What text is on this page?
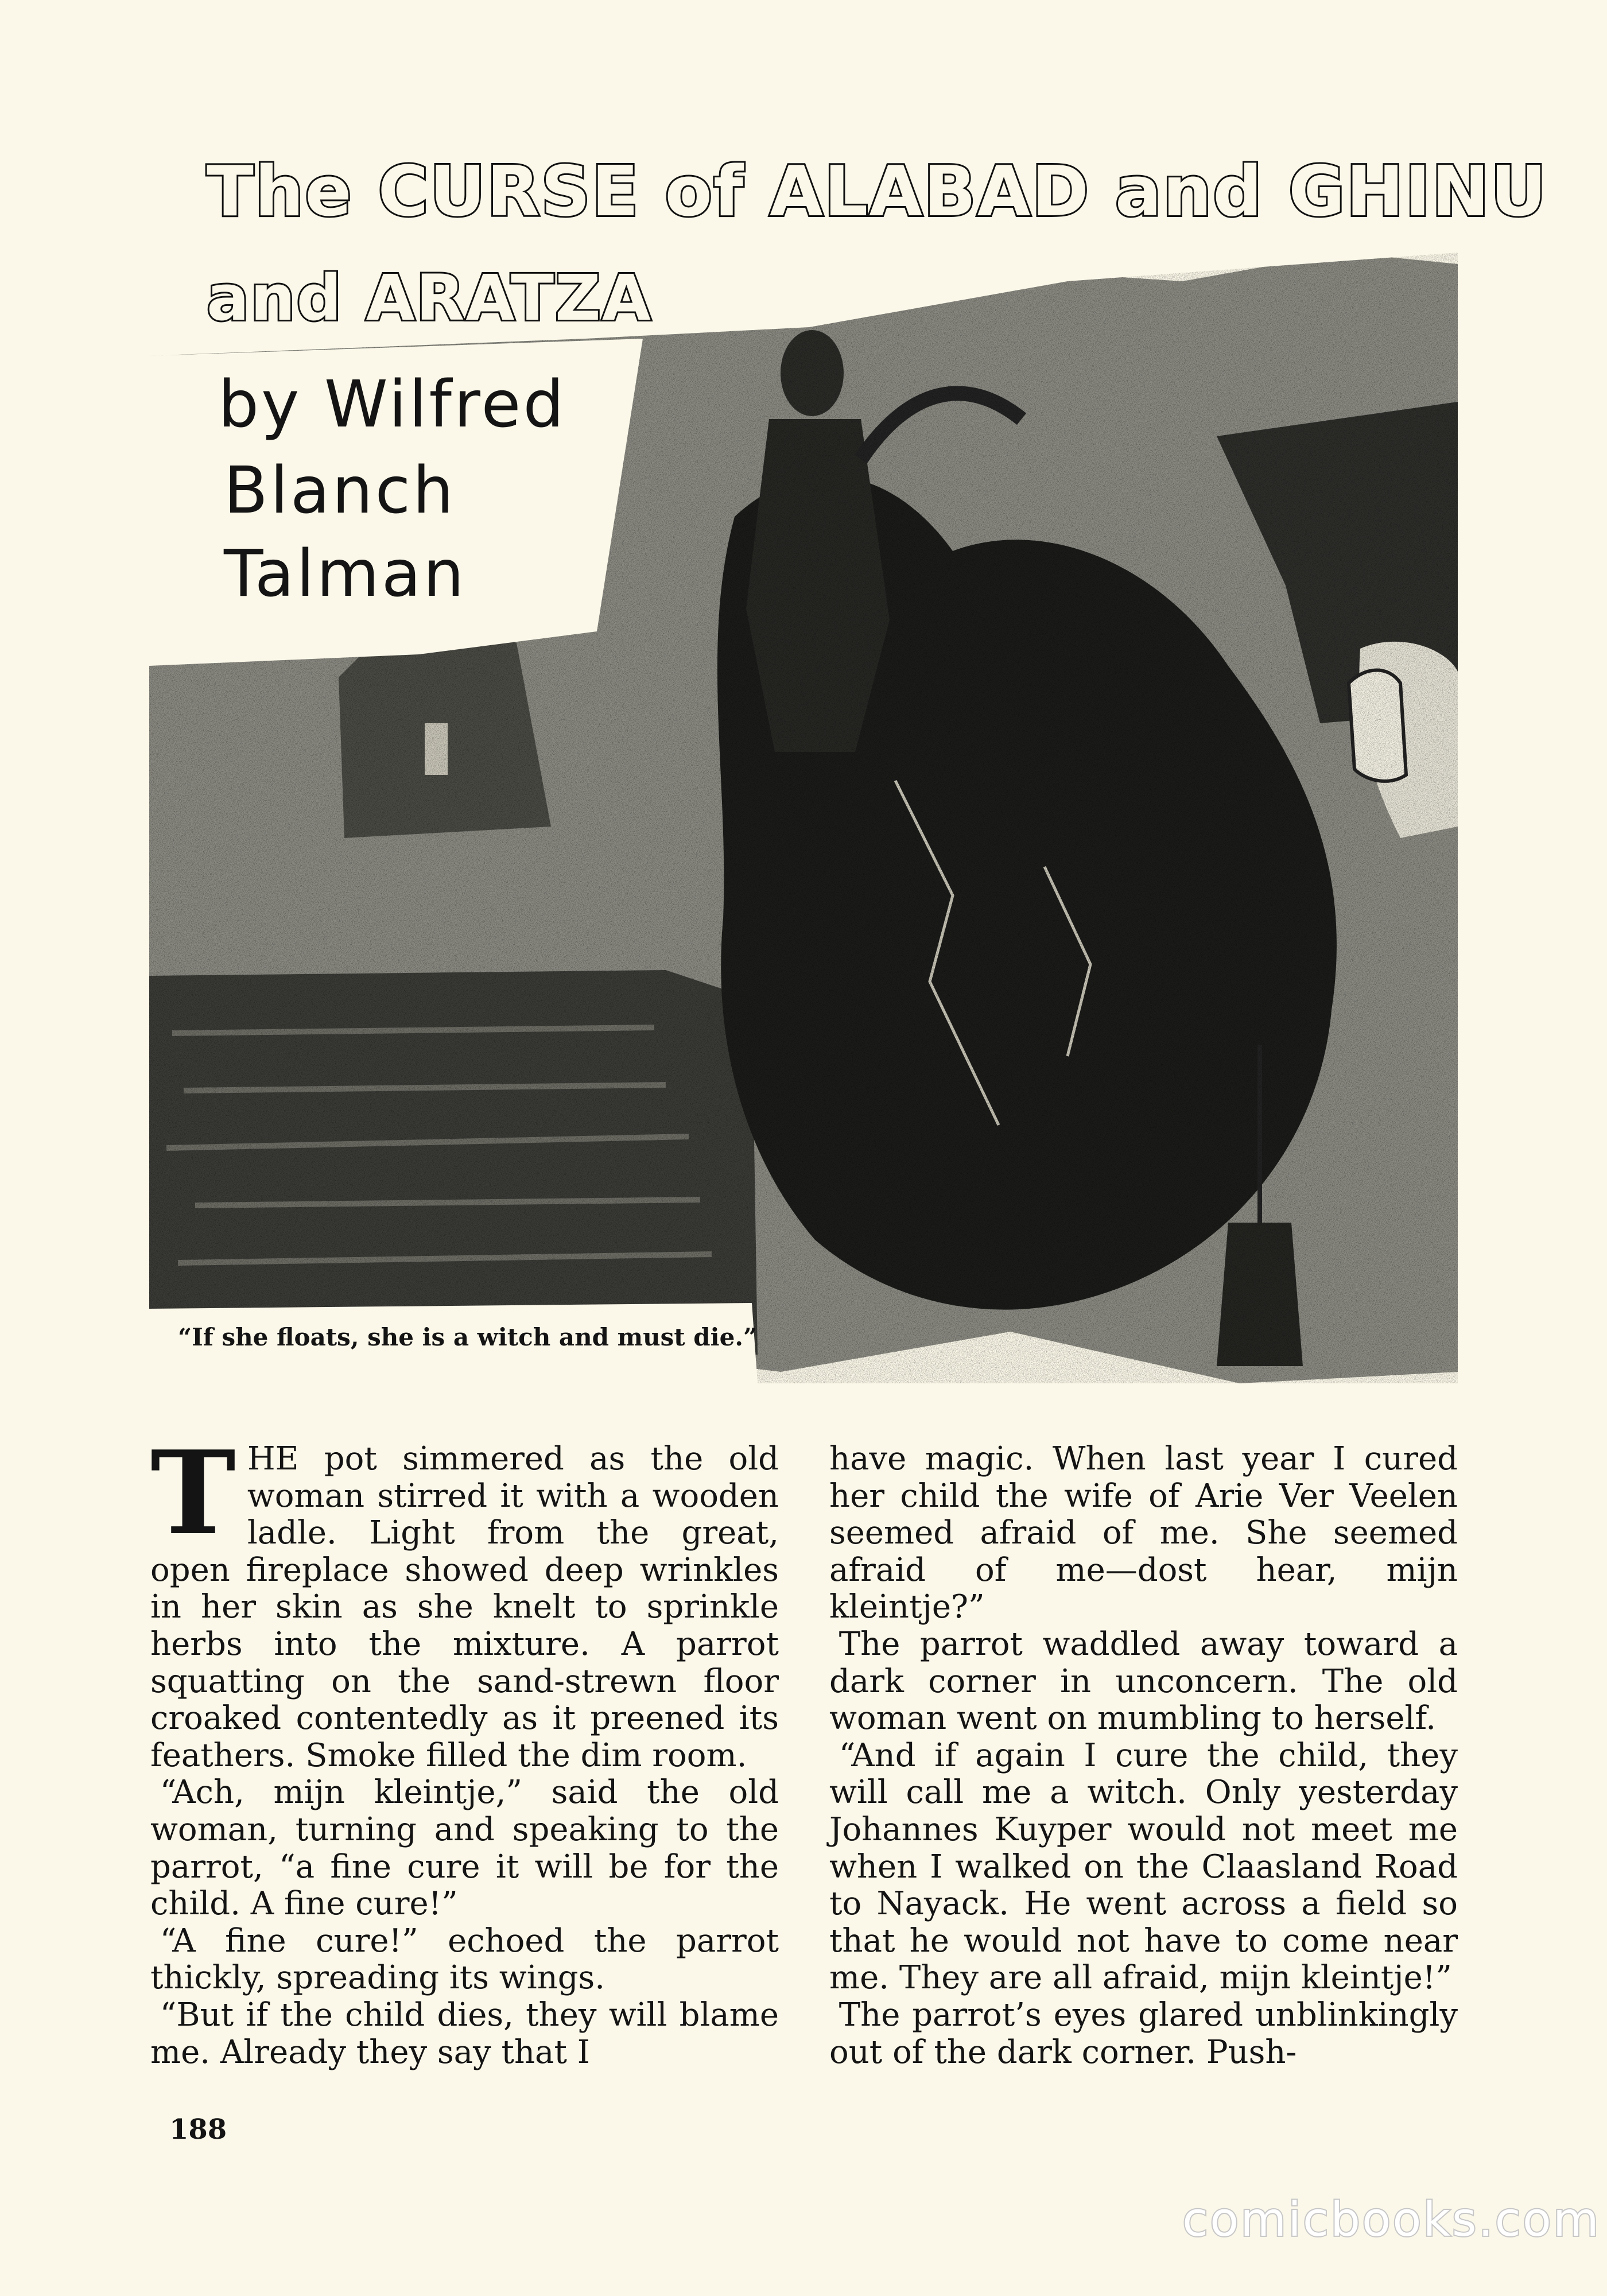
The CURSE of ALABAD and GHINU
and ARATZA
by Wilfred
Blanch
Talman
“If she floats, she is a witch and must die.”

THE pot simmered as the old woman stirred it with a wooden ladle. Light from the great, open fireplace showed deep wrinkles in her skin as she knelt to sprinkle herbs into the mixture. A parrot squatting on the sand-strewn floor croaked contentedly as it preened its feathers. Smoke filled the dim room.

“Ach, mijn kleintje,” said the old woman, turning and speaking to the parrot, “a fine cure it will be for the child. A fine cure!”

“A fine cure!” echoed the parrot thickly, spreading its wings.

“But if the child dies, they will blame me. Already they say that I

have magic. When last year I cured her child the wife of Arie Ver Veelen seemed afraid of me. She seemed afraid of me—dost hear, mijn kleintje?”

The parrot waddled away toward a dark corner in unconcern. The old woman went on mumbling to herself.

“And if again I cure the child, they will call me a witch. Only yesterday Johannes Kuyper would not meet me when I walked on the Claasland Road to Nayack. He went across a field so that he would not have to come near me. They are all afraid, mijn kleintje!”

The parrot’s eyes glared unblinkingly out of the dark corner. Push-

188
comicbooks.com
